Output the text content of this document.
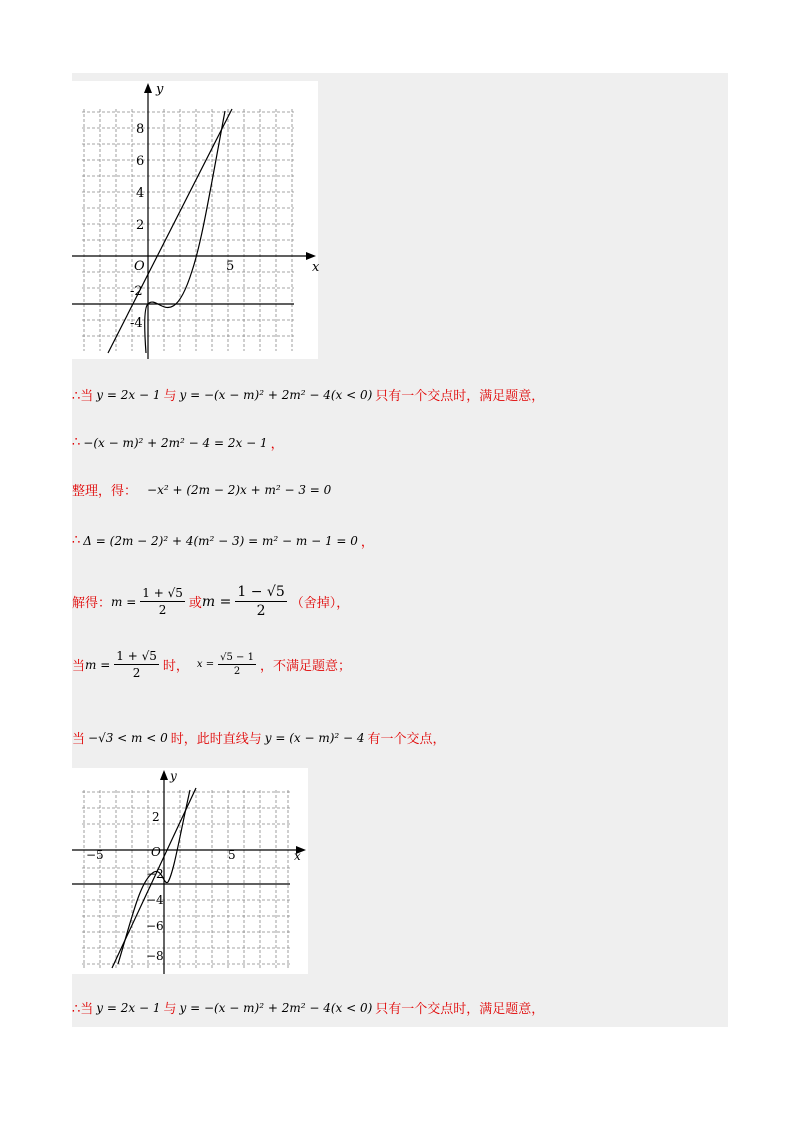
x
y
O	5
8
6
4
2
-2
-4
∴当 y = 2x − 1 与 y = −(x − m)² + 2m² − 4(x < 0) 只有一个交点时，满足题意，
∴ −(x − m)² + 2m² − 4 = 2x − 1 ，
整理，得： −x² + (2m − 2)x + m² − 3 = 0
∴ Δ = (2m − 2)² + 4(m² − 3) = m² − m − 1 = 0 ，
解得： $m = \frac{1 + √5}{2}$ 或 $m = \frac{1 - √5}{2}$ （舍掉），
当 $m = \frac{1 + √5}{2}$ 时， $x = \frac{√5 - 1}{2}$ ，不满足题意；
当 −√3 < m < 0 时，此时直线与 y = (x − m)² − 4 有一个交点，
x
y
O
−5	5
2
−2
−4
−6
−8
∴当 y = 2x − 1 与 y = −(x − m)² + 2m² − 4(x < 0) 只有一个交点时，满足题意，
